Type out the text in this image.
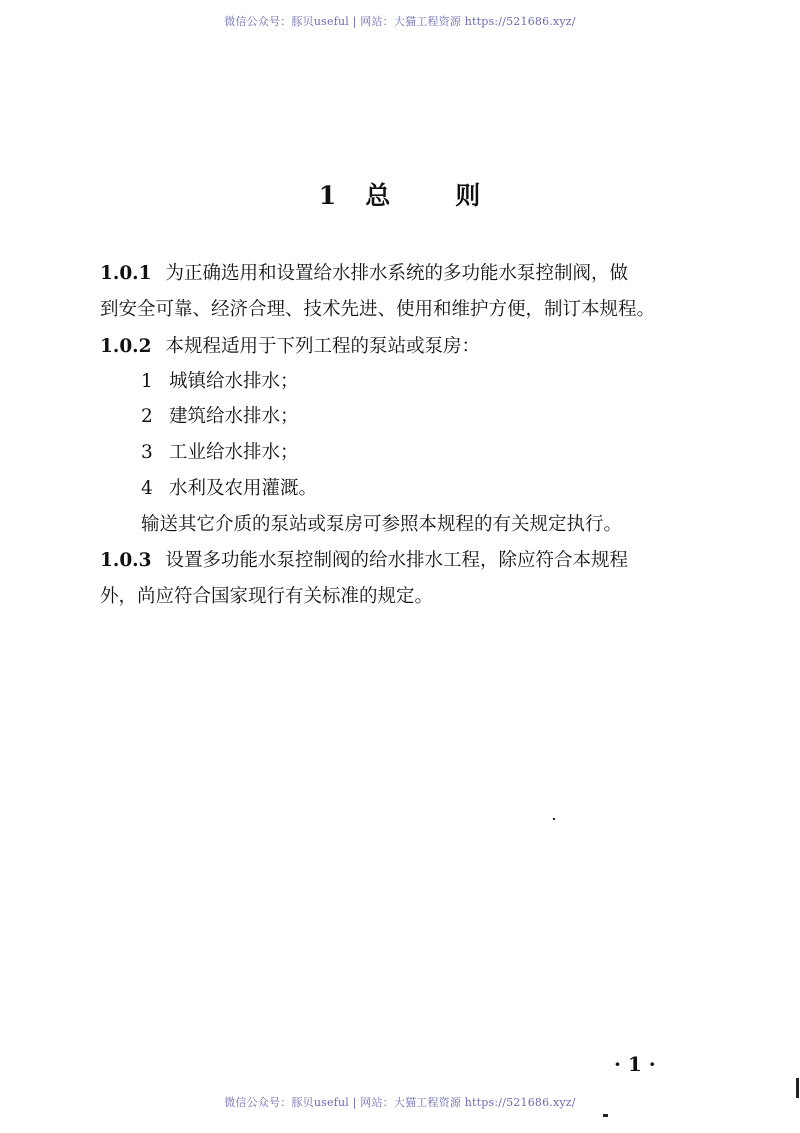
微信公众号：豚贝useful | 网站：大猫工程资源 https://521686.xyz/
1 总	则
1.0.1 为正确选用和设置给水排水系统的多功能水泵控制阀，做
到安全可靠、经济合理、技术先进、使用和维护方便，制订本规程。
1.0.2 本规程适用于下列工程的泵站或泵房：
1 城镇给水排水；
2 建筑给水排水；
3 工业给水排水；
4 水利及农用灌溉。
输送其它介质的泵站或泵房可参照本规程的有关规定执行。
1.0.3 设置多功能水泵控制阀的给水排水工程，除应符合本规程
外，尚应符合国家现行有关标准的规定。
· 1 ·
微信公众号：豚贝useful | 网站：大猫工程资源 https://521686.xyz/
